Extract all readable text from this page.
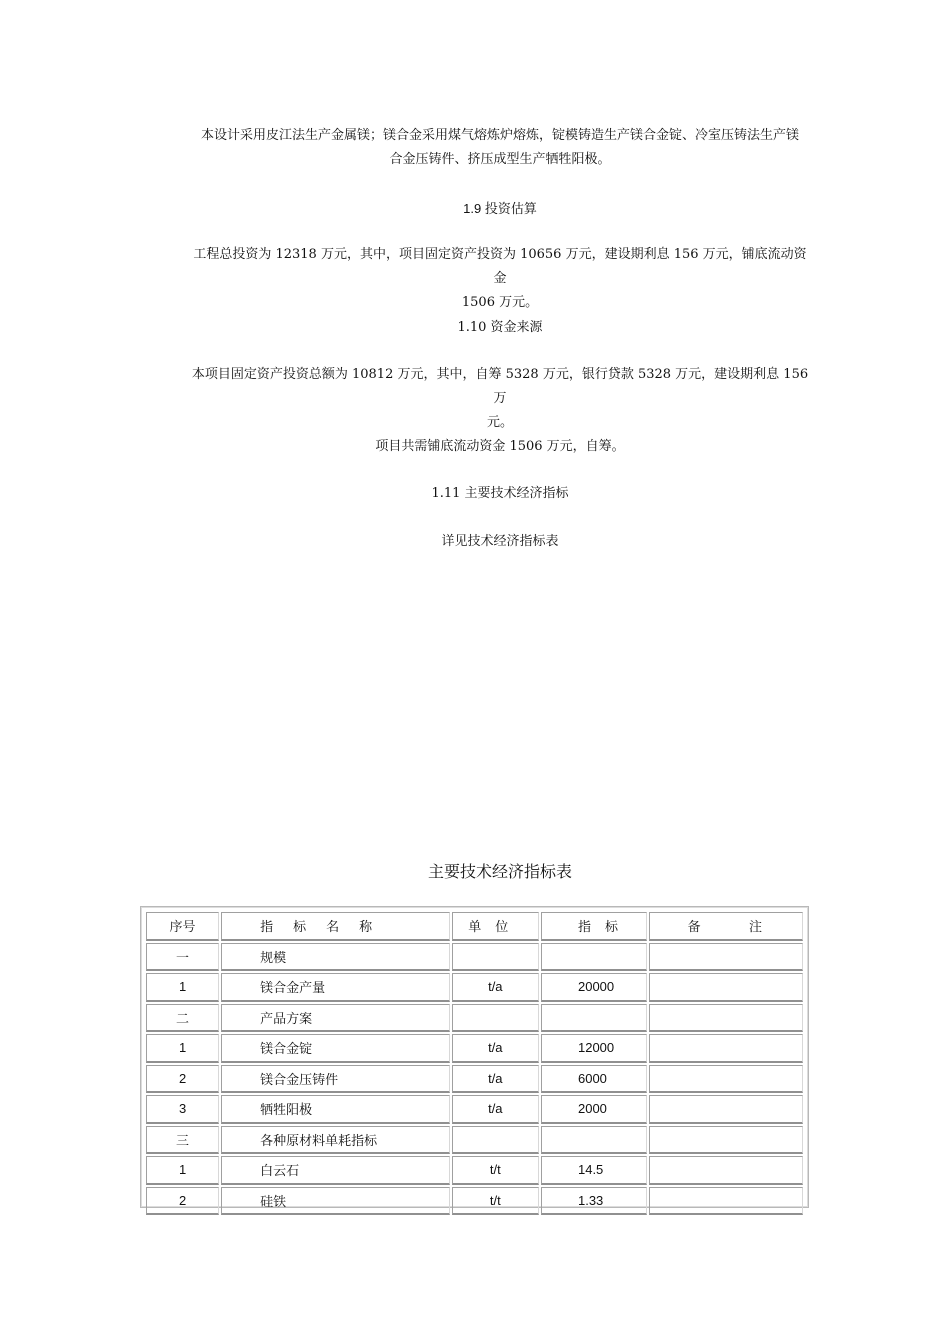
本设计采用皮江法生产金属镁；镁合金采用煤气熔炼炉熔炼，锭模铸造生产镁合金锭、冷室压铸法生产镁
合金压铸件、挤压成型生产牺牲阳极。
1.9 投资估算
工程总投资为 12318 万元，其中，项目固定资产投资为 10656 万元，建设期利息 156 万元，铺底流动资金
1506 万元。
1.10 资金来源
本项目固定资产投资总额为 10812 万元，其中，自筹 5328 万元，银行贷款 5328 万元，建设期利息 156 万
元。
项目共需铺底流动资金 1506 万元，自筹。
1.11 主要技术经济指标
详见技术经济指标表
主要技术经济指标表
序号	指标名称	单位	指标	备 注

一	规模			
1	镁合金产量	t/a	20000	
二	产品方案			
1	镁合金锭	t/a	12000	
2	镁合金压铸件	t/a	6000	
3	牺牲阳极	t/a	2000	
三	各种原材料单耗指标			
1	白云石	t/t	14.5	
2	硅铁	t/t	1.33	
